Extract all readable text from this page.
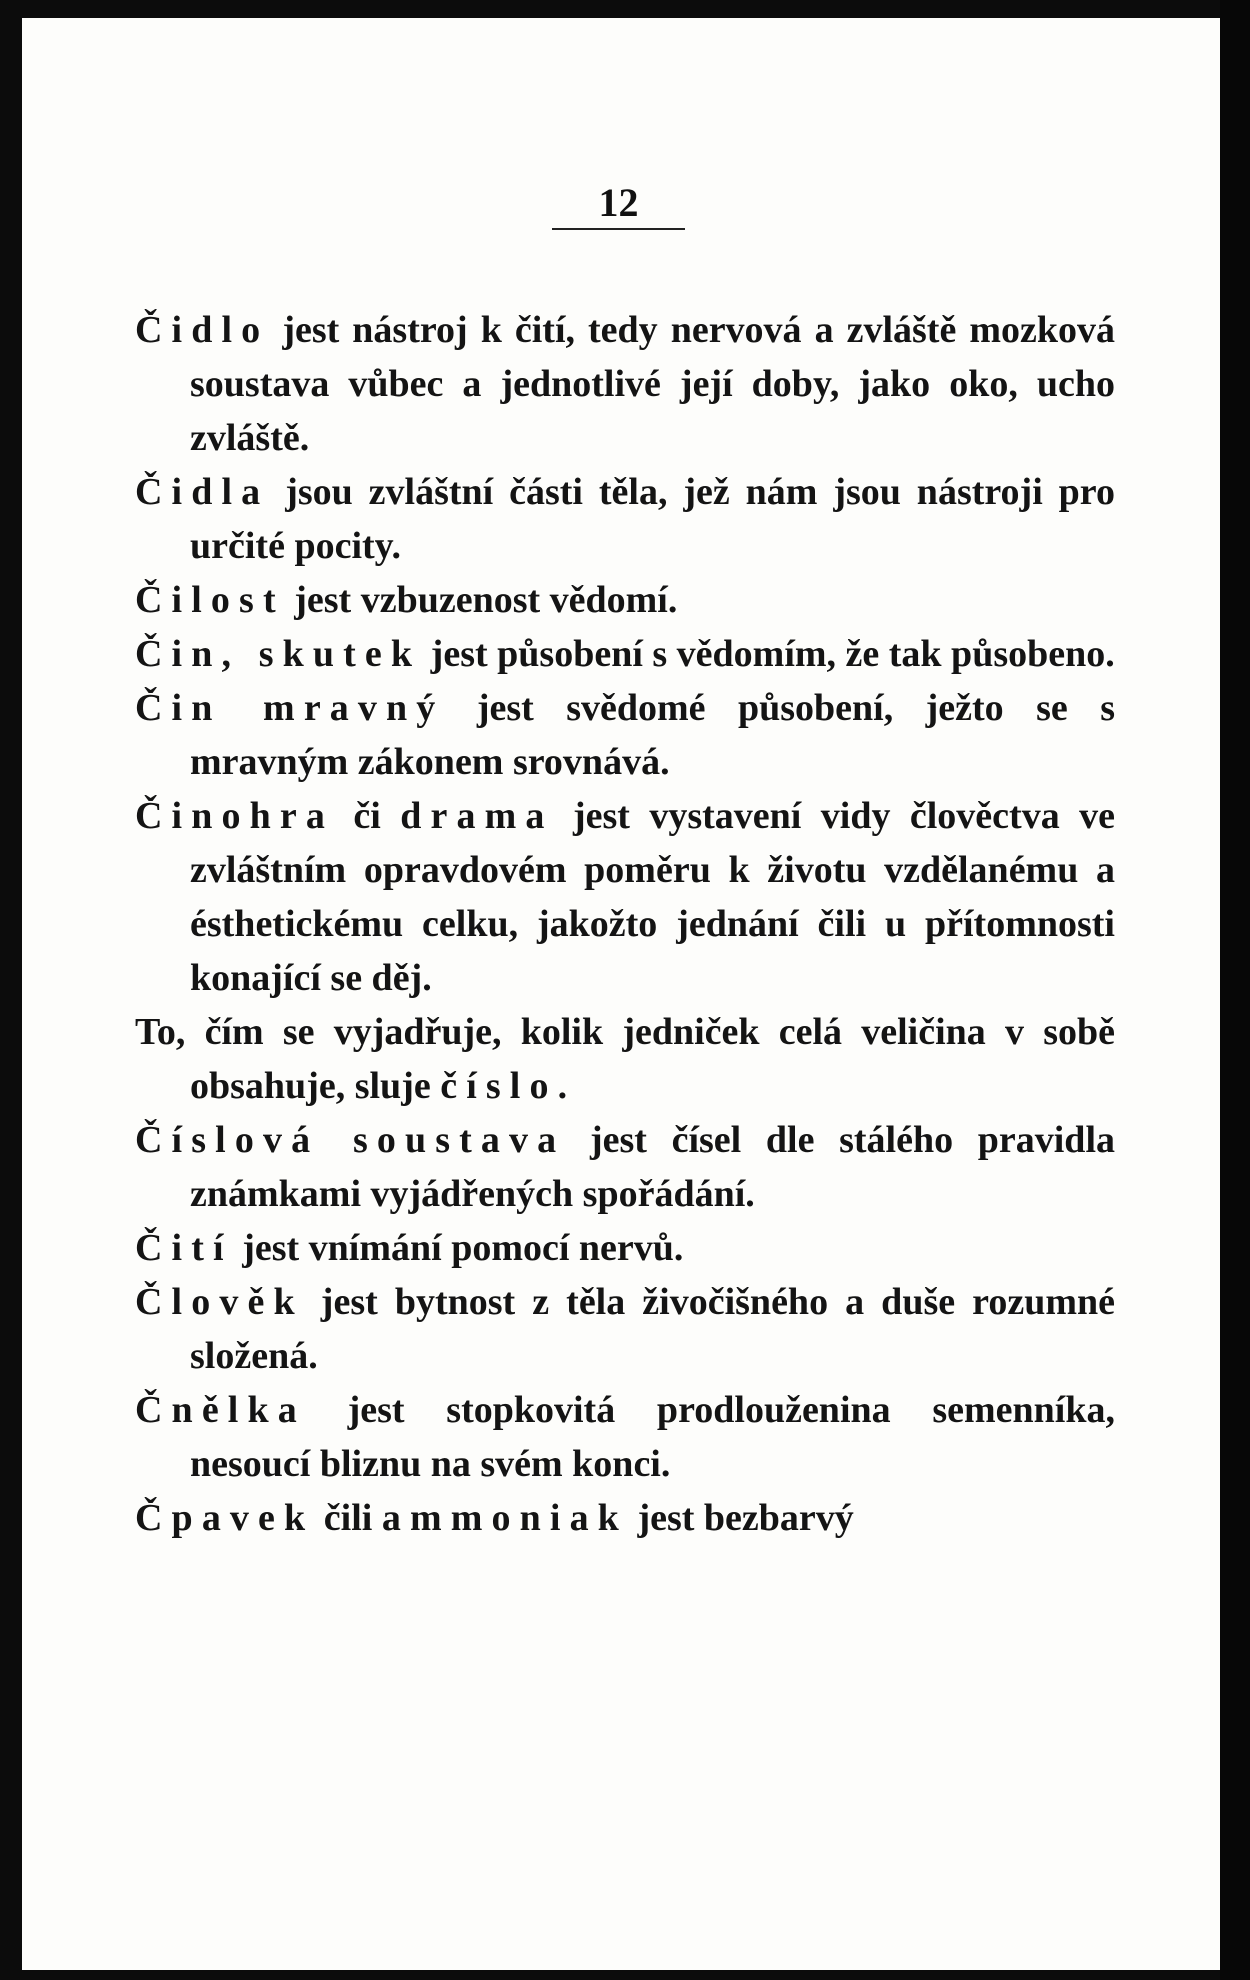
12
Čidlo jest nástroj k čití, tedy nervová a zvláště mozková soustava vůbec a jednotlivé její doby, jako oko, ucho zvláště.
Čidla jsou zvláštní části těla, jež nám jsou nástroji pro určité pocity.
Čilost jest vzbuzenost vědomí.
Čin, skutek jest působení s vědomím, že tak působeno.
Čin mravný jest svědomé působení, ježto se s mravným zákonem srovnává.
Činohra či drama jest vystavení vidy člověctva ve zvláštním opravdovém poměru k životu vzdělanému a ésthetickému celku, jakožto jednání čili u přítomnosti konající se děj.
To, čím se vyjadřuje, kolik jedniček celá veličina v sobě obsahuje, sluje číslo.
Číslová soustava jest čísel dle stálého pravidla známkami vyjádřených spořádání.
Čití jest vnímání pomocí nervů.
Člověk jest bytnost z těla živočišného a duše rozumné složená.
Čnělka jest stopkovitá prodlouženina semenníka, nesoucí bliznu na svém konci.
Čpavek čili ammoniak jest bezbarvý
